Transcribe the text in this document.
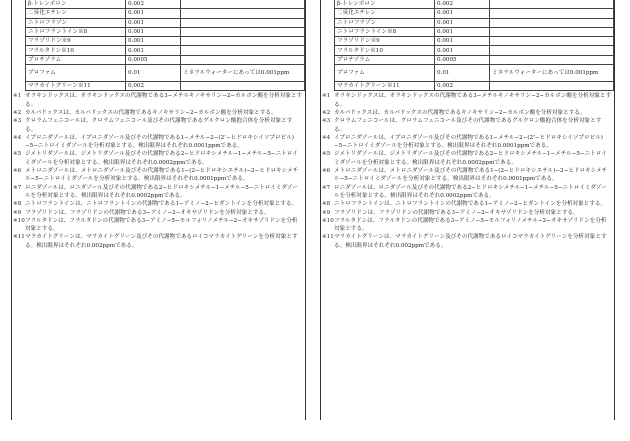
β-トレンボロン	0.002	
二臭化エチレン	0.001	
ニトロフラゾン	0.001	
ニトロフラントイン※8	0.001	
フラゾリドン※9	0.001	
フラルタドン※10	0.001	
プロチゾラム	0.0005	
プロファム	0.01	ミネラルウォーターにあっては0.001ppm
マラカイトグリーン※11	0.002	
※1 オラキンドックスは、オラキンドックスの代謝物である3−メチルキノキサリン−2−カルボン酸を分析対象とする。
※2 カルバドックスは、カルバドックスの代謝物であるキノキサリン−2−カルボン酸を分析対象とする。
※3 クロラムフェニコールは、クロラムフェニコール及びその代謝物であるグルクロン酸抱合体を分析対象とする。
※4 イプロニダゾールは、イプロニダゾール及びその代謝物である1−メチル−2−(2’−ヒドロキシイソプロピル)−5−ニトロイミダゾールを分析対象とする。検出限界はそれぞれ0.0001ppmである。
※5 ジメトリダゾールは、ジメトリダゾール及びその代謝物である2−ヒドロキシメチル−1−メチル−5−ニトロイミダゾールを分析対象とする。検出限界はそれぞれ0.0002ppmである。
※6 メトロニダゾールは、メトロニダゾール及びその代謝物である1−(2−ヒドロキシエチル)−2−ヒドロキシメチル−5−ニトロイミダゾールを分析対象とする。検出限界はそれぞれ0.0001ppmである。
※7 ロニダゾールは、ロニダゾール及びその代謝物である2−ヒドロキシメチル−1−メチル−5−ニトロイミダゾールを分析対象とする。検出限界はそれぞれ0.0002ppmである。
※8 ニトロフラントインは、ニトロフラントインの代謝物である1−アミノ−2−ヒダントインを分析対象とする。
※9 フラゾリドンは、フラゾリドンの代謝物である3−アミノ−2−オキサゾリドンを分析対象とする。
※10 フラルタドンは、フラルタドンの代謝物である3−アミノ−5−モルフォリノメチル−2−オキサゾリドンを分析対象とする。
※11 マラカイトグリーンは、マラカイトグリーン及びその代謝物であるロイコマラカイトグリーンを分析対象とする。検出限界はそれぞれ0.002ppmである。
β-トレンボロン	0.002	
二臭化エチレン	0.001	
ニトロフラゾン	0.001	
ニトロフラントイン※8	0.001	
フラゾリドン※9	0.001	
フラルタドン※10	0.001	
プロチゾラム	0.0005	
プロファム	0.01	ミネラルウォーターにあっては0.001ppm
マラカイトグリーン※11	0.002	
※1 オラキンドックスは、オラキンドックスの代謝物である3−メチルキノキサリン−2−カルボン酸を分析対象とする。
※2 カルバドックスは、カルバドックスの代謝物であるキノキサリン−2−カルボン酸を分析対象とする。
※3 クロラムフェニコールは、クロラムフェニコール及びその代謝物であるグルクロン酸抱合体を分析対象とする。
※4 イプロニダゾールは、イプロニダゾール及びその代謝物である1−メチル−2−(2’−ヒドロキシイソプロピル)−5−ニトロイミダゾールを分析対象とする。検出限界はそれぞれ0.0001ppmである。
※5 ジメトリダゾールは、ジメトリダゾール及びその代謝物である2−ヒドロキシメチル−1−メチル−5−ニトロイミダゾールを分析対象とする。検出限界はそれぞれ0.0002ppmである。
※6 メトロニダゾールは、メトロニダゾール及びその代謝物である1−(2−ヒドロキシエチル)−2−ヒドロキシメチル−5−ニトロイミダゾールを分析対象とする。検出限界はそれぞれ0.0001ppmである。
※7 ロニダゾールは、ロニダゾール及びその代謝物である2−ヒドロキシメチル−1−メチル−5−ニトロイミダゾールを分析対象とする。検出限界はそれぞれ0.0002ppmである。
※8 ニトロフラントインは、ニトロフラントインの代謝物である1−アミノ−2−ヒダントインを分析対象とする。
※9 フラゾリドンは、フラゾリドンの代謝物である3−アミノ−2−オキサゾリドンを分析対象とする。
※10 フラルタドンは、フラルタドンの代謝物である3−アミノ−5−モルフォリノメチル−2−オキサゾリドンを分析対象とする。
※11 マラカイトグリーンは、マラカイトグリーン及びその代謝物であるロイコマラカイトグリーンを分析対象とする。検出限界はそれぞれ0.002ppmである。
